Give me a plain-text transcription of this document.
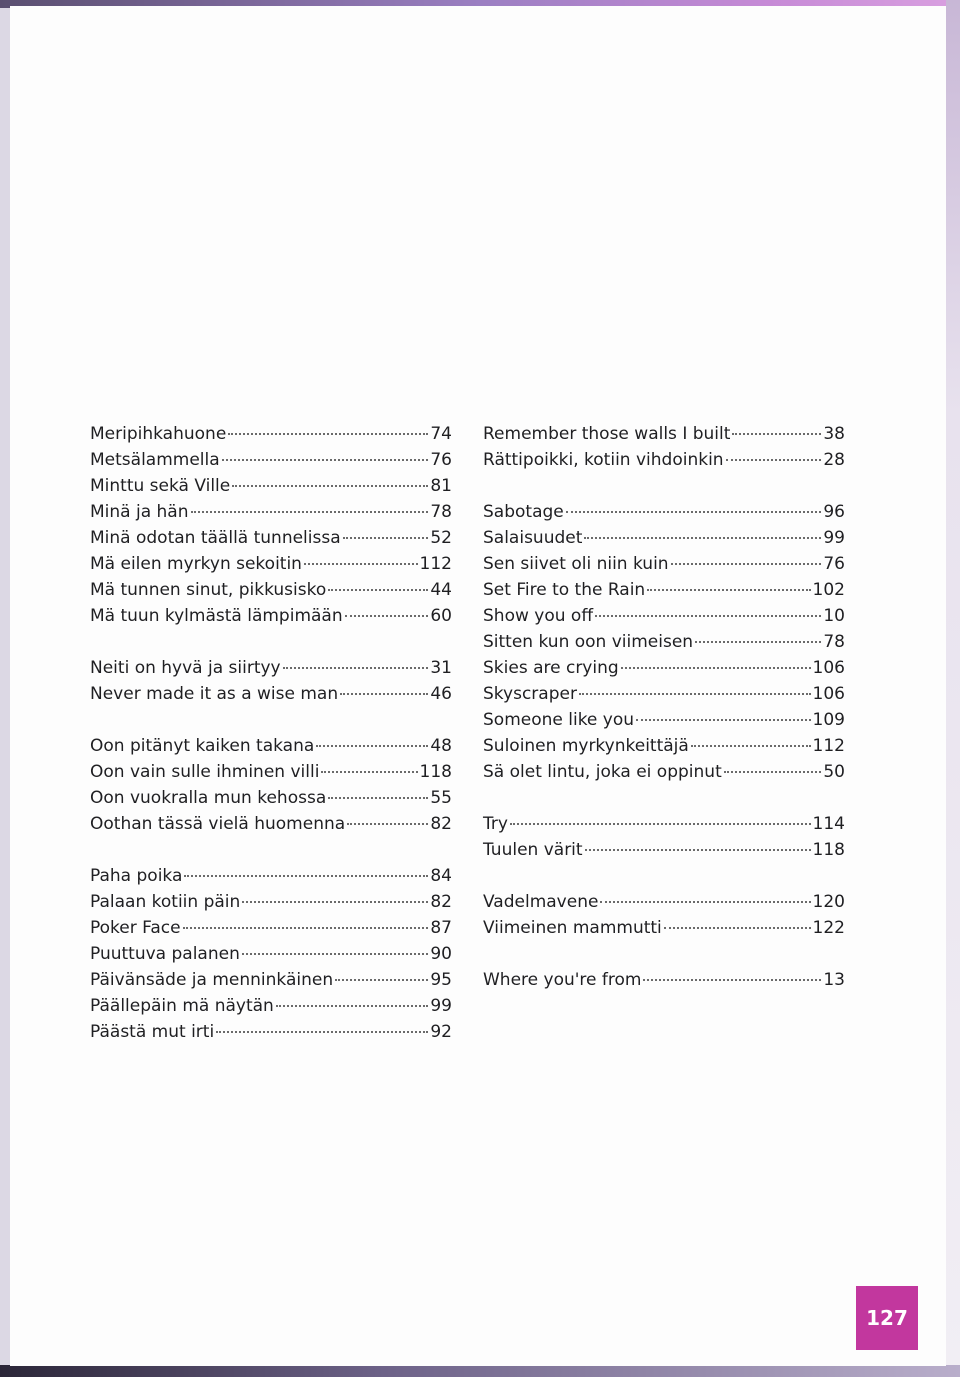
Meripihkahuone	74
Metsälammella	76
Minttu sekä Ville	81
Minä ja hän	78
Minä odotan täällä tunnelissa	52
Mä eilen myrkyn sekoitin	112
Mä tunnen sinut, pikkusisko	44
Mä tuun kylmästä lämpimään	60
Neiti on hyvä ja siirtyy	31
Never made it as a wise man	46
Oon pitänyt kaiken takana	48
Oon vain sulle ihminen villi	118
Oon vuokralla mun kehossa	55
Oothan tässä vielä huomenna	82
Paha poika	84
Palaan kotiin päin	82
Poker Face	87
Puuttuva palanen	90
Päivänsäde ja menninkäinen	95
Päällepäin mä näytän	99
Päästä mut irti	92
Remember those walls I built	38
Rättipoikki, kotiin vihdoinkin	28
Sabotage	96
Salaisuudet	99
Sen siivet oli niin kuin	76
Set Fire to the Rain	102
Show you off	10
Sitten kun oon viimeisen	78
Skies are crying	106
Skyscraper	106
Someone like you	109
Suloinen myrkynkeittäjä	112
Sä olet lintu, joka ei oppinut	50
Try	114
Tuulen värit	118
Vadelmavene	120
Viimeinen mammutti	122
Where you're from	13
127
